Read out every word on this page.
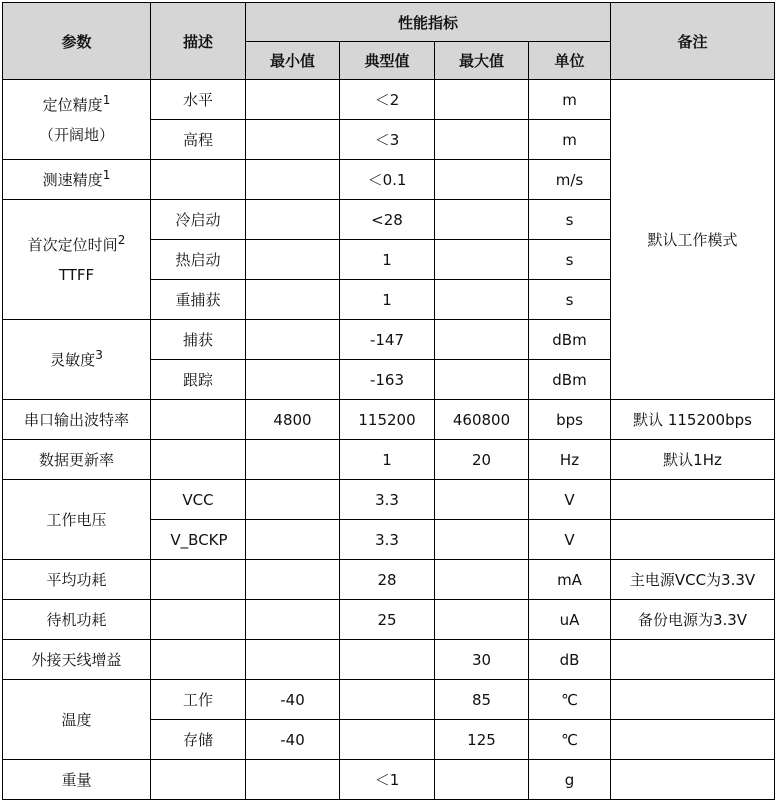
参数	描述	性能指标				备注
		最小值	典型值	最大值	单位	

定位精度$^1$
（开阔地）	水平		＜2		m	默认工作模式
	高程		＜3		m	
测速精度$^1$			＜0.1		m/s	

首次定位时间$^2$
TTFF	冷启动		<28		s	
	热启动		1		s	
	重捕获		1		s	
灵敏度$^3$	捕获		-147		dBm	
	跟踪		-163		dBm	
串口输出波特率		4800	115200	460800	bps	默认 115200bps
数据更新率			1	20	Hz	默认1Hz
工作电压	VCC		3.3		V	
	V_BCKP		3.3		V	
平均功耗			28		mA	主电源VCC为3.3V
待机功耗			25		uA	备份电源为3.3V
外接天线增益				30	dB	
温度	工作	-40		85	℃	
	存储	-40		125	℃	
重量			＜1		g	
